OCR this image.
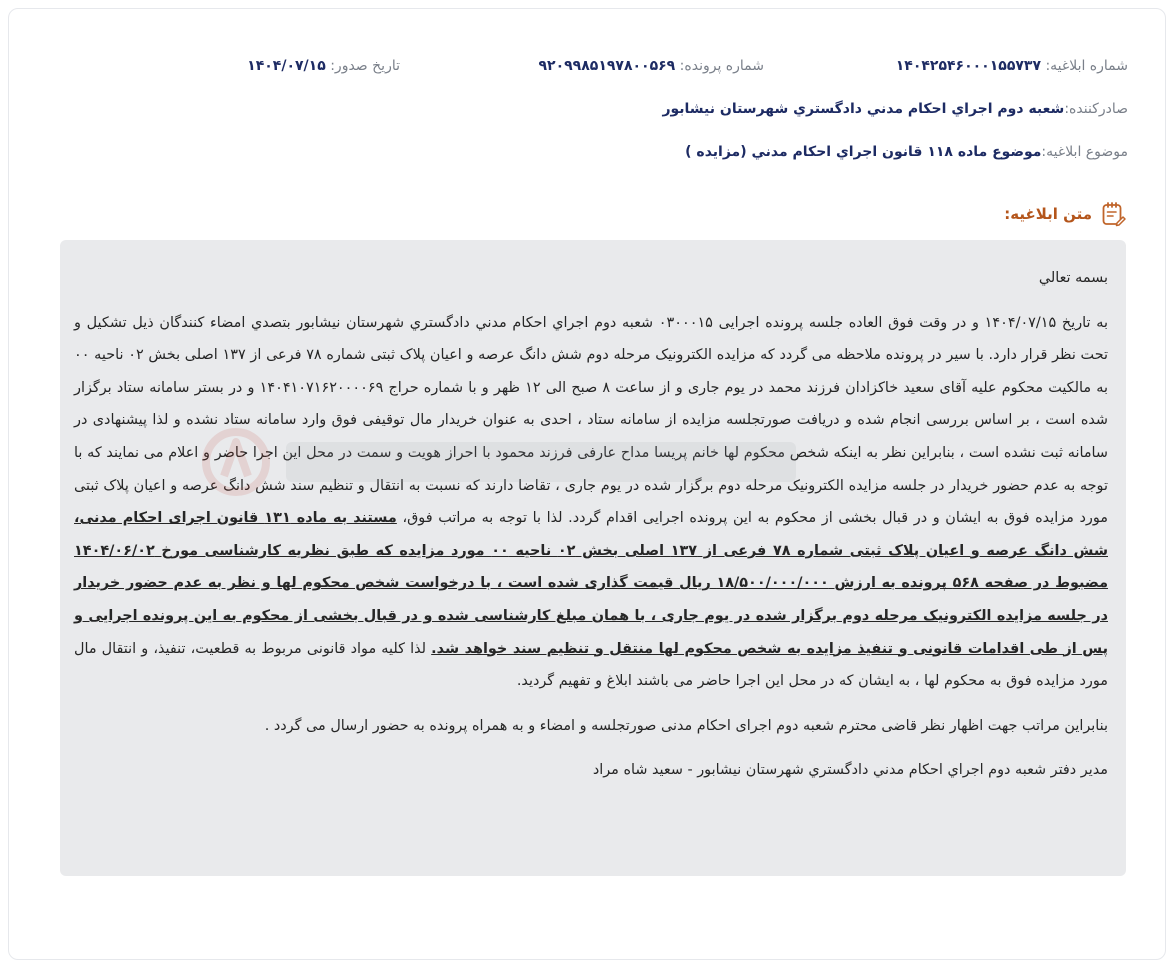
شماره ابلاغیه: ۱۴۰۴۲۵۴۶۰۰۰۱۵۵۷۳۷
شماره پرونده: ۹۲۰۹۹۸۵۱۹۷۸۰۰۵۶۹
تاریخ صدور: ۱۴۰۴/۰۷/۱۵
صادرکننده:
شعبه دوم اجراي احكام مدني دادگستري شهرستان نيشابور
موضوع ابلاغیه:
موضوع ماده ۱۱۸ قانون اجراي احكام مدني (مزايده )
متن ابلاغیه:

بسمه تعالي

به تاریخ ۱۴۰۴/۰۷/۱۵ و در وقت فوق العاده جلسه پرونده اجرایی ۰۳۰۰۰۱۵ شعبه دوم اجراي احكام مدني دادگستري شهرستان نيشابور بتصدي امضاء کنندگان ذیل تشکیل و تحت نظر قرار دارد. با سیر در پرونده ملاحظه می گردد که مزایده الکترونیک مرحله دوم شش دانگ عرصه و اعیان پلاک ثبتی شماره ۷۸ فرعی از ۱۳۷ اصلی بخش ۰۲ ناحیه ۰۰ به مالکیت محکوم علیه آقای سعید خاکزادان فرزند محمد در یوم جاری و از ساعت ۸ صبح الی ۱۲ ظهر و با شماره حراج ۱۴۰۴۱۰۷۱۶۲۰۰۰۰۶۹ و در بستر سامانه ستاد برگزار شده است ، بر اساس بررسی انجام شده و دریافت صورتجلسه مزایده از سامانه ستاد ، احدی به عنوان خریدار مال توقیفی فوق وارد سامانه ستاد نشده و لذا پیشنهادی در سامانه ثبت نشده است ، بنابراین نظر به اینکه شخص محکوم لها خانم پریسا مداح عارفی فرزند محمود با احراز هویت و سمت در محل این اجرا حاضر و اعلام می نمایند که با توجه به عدم حضور خریدار در جلسه مزایده الکترونیک مرحله دوم برگزار شده در یوم جاری ، تقاضا دارند که نسبت به انتقال و تنظیم سند شش دانگ عرصه و اعیان پلاک ثبتی مورد مزایده فوق به ایشان و در قبال بخشی از محکوم به این پرونده اجرایی اقدام گردد. لذا با توجه به مراتب فوق، مستند به ماده ۱۳۱ قانون اجرای احکام مدنی، شش دانگ عرصه و اعیان پلاک ثبتی شماره ۷۸ فرعی از ۱۳۷ اصلی بخش ۰۲ ناحیه ۰۰ مورد مزایده که طبق نظریه کارشناسی مورخ ۱۴۰۴/۰۶/۰۲ مضبوط در صفحه ۵۶۸ پرونده به ارزش ۱۸/۵۰۰/۰۰۰/۰۰۰ ریال قیمت گذاری شده است ، با درخواست شخص محکوم لها و نظر به عدم حضور خریدار در جلسه مزایده الکترونیک مرحله دوم برگزار شده در یوم جاری ، با همان مبلغ کارشناسی شده و در قبال بخشی از محکوم به این پرونده اجرایی و پس از طی اقدامات قانونی و تنفیذ مزایده به شخص محکوم لها منتقل و تنظیم سند خواهد شد. لذا کلیه مواد قانونی مربوط به قطعیت، تنفیذ، و انتقال مال مورد مزایده فوق به محکوم لها ، به ایشان که در محل این اجرا حاضر می باشند ابلاغ و تفهیم گردید.

بنابراین مراتب جهت اظهار نظر قاضی محترم شعبه دوم اجرای احکام مدنی صورتجلسه و امضاء و به همراه پرونده به حضور ارسال می گردد .

مدیر دفتر شعبه دوم اجراي احكام مدني دادگستري شهرستان نيشابور - سعید شاه مراد
